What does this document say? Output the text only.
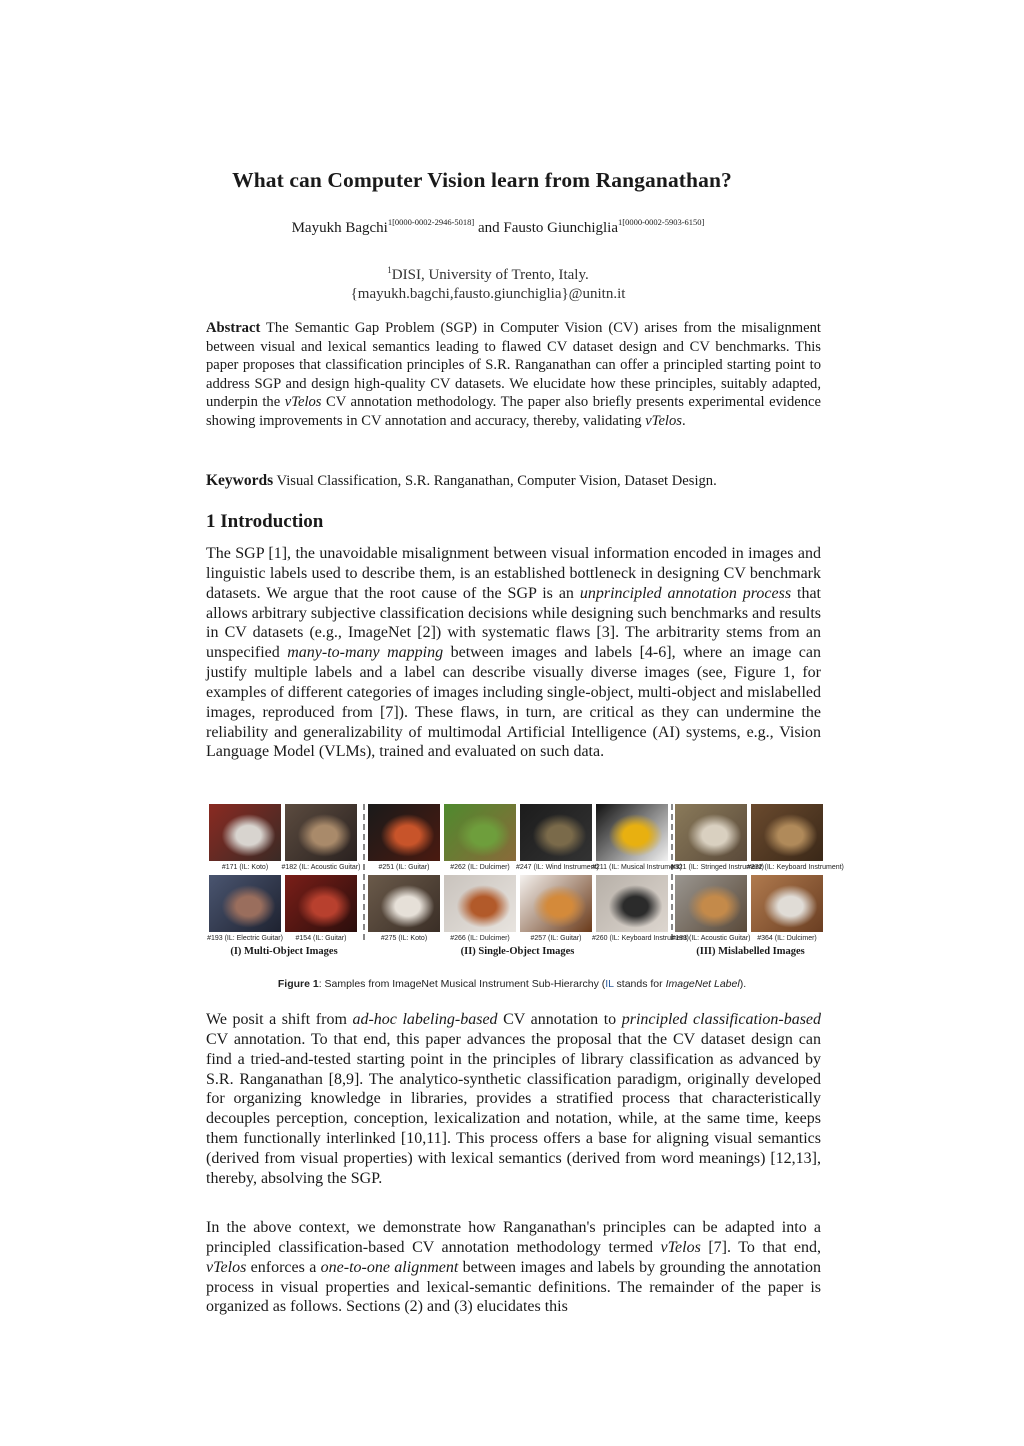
What can Computer Vision learn from Ranganathan?
Mayukh Bagchi$^{1[0000-0002-2946-5018]}$ and Fausto Giunchiglia$^{1[0000-0002-5903-6150]}$
$^1$DISI, University of Trento, Italy.
{mayukh.bagchi,fausto.giunchiglia}@unitn.it
Abstract The Semantic Gap Problem (SGP) in Computer Vision (CV) arises from the misalignment between visual and lexical semantics leading to flawed CV dataset design and CV benchmarks. This paper proposes that classification principles of S.R. Ranganathan can offer a principled starting point to address SGP and design high-quality CV datasets. We elucidate how these principles, suitably adapted, underpin the vTelos CV annotation methodology. The paper also briefly presents experimental evidence showing improvements in CV annotation and accuracy, thereby, validating vTelos.
Keywords Visual Classification, S.R. Ranganathan, Computer Vision, Dataset Design.
1 Introduction
The SGP [1], the unavoidable misalignment between visual information encoded in images and linguistic labels used to describe them, is an established bottleneck in designing CV benchmark datasets. We argue that the root cause of the SGP is an unprincipled annotation process that allows arbitrary subjective classification decisions while designing such benchmarks and results in CV datasets (e.g., ImageNet [2]) with systematic flaws [3]. The arbitrarity stems from an unspecified many-to-many mapping between images and labels [4-6], where an image can justify multiple labels and a label can describe visually diverse images (see, Figure 1, for examples of different categories of images including single-object, multi-object and mislabelled images, reproduced from [7]). These flaws, in turn, are critical as they can undermine the reliability and generalizability of multimodal Artificial Intelligence (AI) systems, e.g., Vision Language Model (VLMs), trained and evaluated on such data.
#171 (IL: Koto)	#182 (IL: Acoustic Guitar)
#193 (IL: Electric Guitar)	#154 (IL: Guitar)
#251 (IL: Guitar)	#262 (IL: Dulcimer) #247 (IL: Wind Instrument)
#211 (IL: Musical Instrument)
#275 (IL: Koto)	#266 (IL: Dulcimer)	#257 (IL: Guitar)	#260 (IL: Keyboard Instrument)
#321 (IL: Stringed Instrument)
#332 (IL: Keyboard Instrument)
#183 (IL: Acoustic Guitar) #364 (IL: Dulcimer)
(I) Multi-Object Images	(II) Single-Object Images	(III) Mislabelled Images
Figure 1: Samples from ImageNet Musical Instrument Sub-Hierarchy (IL stands for ImageNet Label).
We posit a shift from ad-hoc labeling-based CV annotation to principled classification-based CV annotation. To that end, this paper advances the proposal that the CV dataset design can find a tried-and-tested starting point in the principles of library classification as advanced by S.R. Ranganathan [8,9]. The analytico-synthetic classification paradigm, originally developed for organizing knowledge in libraries, provides a stratified process that characteristically decouples perception, conception, lexicalization and notation, while, at the same time, keeps them functionally interlinked [10,11]. This process offers a base for aligning visual semantics (derived from visual properties) with lexical semantics (derived from word meanings) [12,13], thereby, absolving the SGP.
In the above context, we demonstrate how Ranganathan's principles can be adapted into a principled classification-based CV annotation methodology termed vTelos [7]. To that end, vTelos enforces a one-to-one alignment between images and labels by grounding the annotation process in visual properties and lexical-semantic definitions. The remainder of the paper is organized as follows. Sections (2) and (3) elucidates this
